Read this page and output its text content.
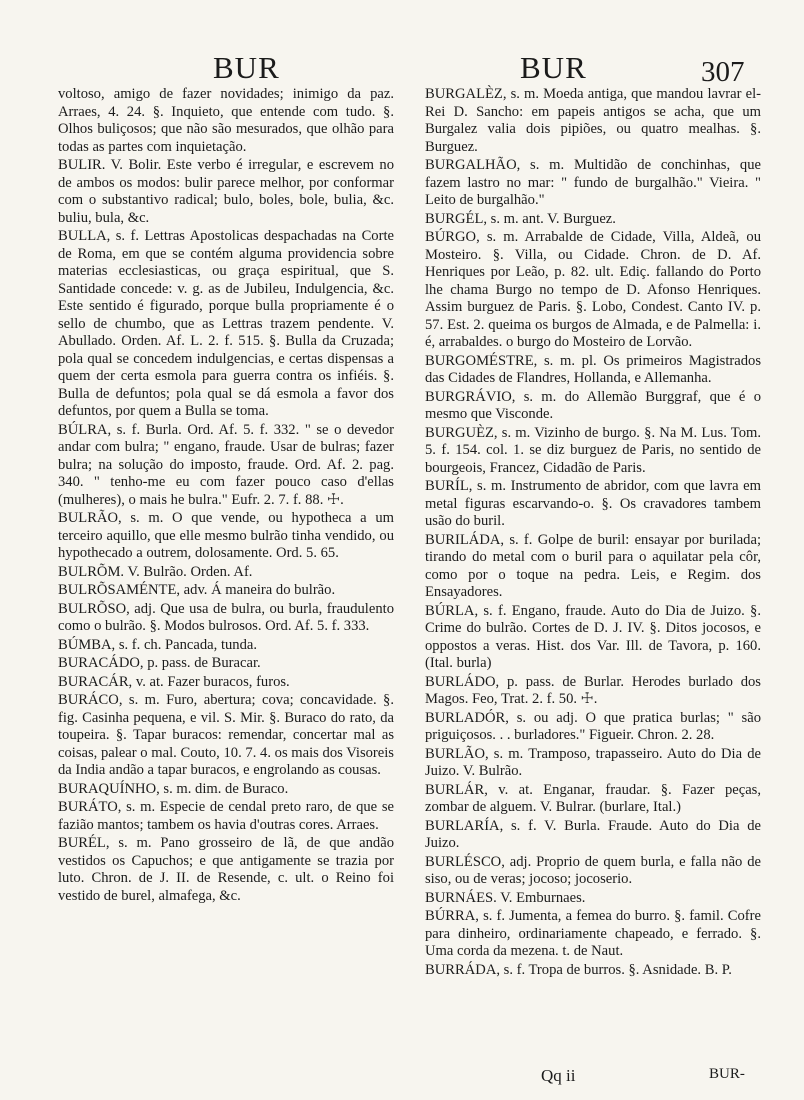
BUR	BUR	307

voltoso, amigo de fazer novidades; inimigo da paz. Arraes, 4. 24. §. Inquieto, que entende com tudo. §. Olhos buliçosos; que não são mesurados, que olhão para todas as partes com inquietação.

BULIR. V. Bolir. Este verbo é irregular, e escrevem no de ambos os modos: bulir parece melhor, por conformar com o substantivo radical; bulo, boles, bole, bulia, &c. buliu, bula, &c.

BULLA, s. f. Lettras Apostolicas despachadas na Corte de Roma, em que se contém alguma providencia sobre materias ecclesiasticas, ou graça espiritual, que S. Santidade concede: v. g. as de Jubileu, Indulgencia, &c. Este sentido é figurado, porque bulla propriamente é o sello de chumbo, que as Lettras trazem pendente. V. Abullado. Orden. Af. L. 2. f. 515. §. Bulla da Cruzada; pola qual se concedem indulgencias, e certas dispensas a quem der certa esmola para guerra contra os infiéis. §. Bulla de defuntos; pola qual se dá esmola a favor dos defuntos, por quem a Bulla se toma.

BÚLRA, s. f. Burla. Ord. Af. 5. f. 332. " se o devedor andar com bulra; " engano, fraude. Usar de bulras; fazer bulra; na solução do imposto, fraude. Ord. Af. 2. pag. 340. " tenho-me eu com fazer pouco caso d'ellas (mulheres), o mais he bulra." Eufr. 2. 7. f. 88. ☩.

BULRÃO, s. m. O que vende, ou hypotheca a um terceiro aquillo, que elle mesmo bulrão tinha vendido, ou hypothecado a outrem, dolosamente. Ord. 5. 65.

BULRÕM. V. Bulrão. Orden. Af.

BULRÕSAMÉNTE, adv. Á maneira do bulrão.

BULRÕSO, adj. Que usa de bulra, ou burla, fraudulento como o bulrão. §. Modos bulrosos. Ord. Af. 5. f. 333.

BÚMBA, s. f. ch. Pancada, tunda.

BURACÁDO, p. pass. de Buracar.

BURACÁR, v. at. Fazer buracos, furos.

BURÁCO, s. m. Furo, abertura; cova; concavidade. §. fig. Casinha pequena, e vil. S. Mir. §. Buraco do rato, da toupeira. §. Tapar buracos: remendar, concertar mal as coisas, palear o mal. Couto, 10. 7. 4. os mais dos Visoreis da India andão a tapar buracos, e engrolando as cousas.

BURAQUÍNHO, s. m. dim. de Buraco.

BURÁTO, s. m. Especie de cendal preto raro, de que se fazião mantos; tambem os havia d'outras cores. Arraes.

BURÉL, s. m. Pano grosseiro de lã, de que andão vestidos os Capuchos; e que antigamente se trazia por luto. Chron. de J. II. de Resende, c. ult. o Reino foi vestido de burel, almafega, &c.

BURGALÈZ, s. m. Moeda antiga, que mandou lavrar el-Rei D. Sancho: em papeis antigos se acha, que um Burgalez valia dois pipiões, ou quatro mealhas. §. Burguez.

BURGALHÃO, s. m. Multidão de conchinhas, que fazem lastro no mar: " fundo de burgalhão." Vieira. " Leito de burgalhão."

BURGÉL, s. m. ant. V. Burguez.

BÚRGO, s. m. Arrabalde de Cidade, Villa, Aldeã, ou Mosteiro. §. Villa, ou Cidade. Chron. de D. Af. Henriques por Leão, p. 82. ult. Ediç. fallando do Porto lhe chama Burgo no tempo de D. Afonso Henriques. Assim burguez de Paris. §. Lobo, Condest. Canto IV. p. 57. Est. 2. queima os burgos de Almada, e de Palmella: i. é, arrabaldes. o burgo do Mosteiro de Lorvão.

BURGOMÉSTRE, s. m. pl. Os primeiros Magistrados das Cidades de Flandres, Hollanda, e Allemanha.

BURGRÁVIO, s. m. do Allemão Burggraf, que é o mesmo que Visconde.

BURGUÈZ, s. m. Vizinho de burgo. §. Na M. Lus. Tom. 5. f. 154. col. 1. se diz burguez de Paris, no sentido de bourgeois, Francez, Cidadão de Paris.

BURÍL, s. m. Instrumento de abridor, com que lavra em metal figuras escarvando-o. §. Os cravadores tambem usão do buril.

BURILÁDA, s. f. Golpe de buril: ensayar por burilada; tirando do metal com o buril para o aquilatar pela côr, como por o toque na pedra. Leis, e Regim. dos Ensayadores.

BÚRLA, s. f. Engano, fraude. Auto do Dia de Juizo. §. Crime do bulrão. Cortes de D. J. IV. §. Ditos jocosos, e oppostos a veras. Hist. dos Var. Ill. de Tavora, p. 160. (Ital. burla)

BURLÁDO, p. pass. de Burlar. Herodes burlado dos Magos. Feo, Trat. 2. f. 50. ☩.

BURLADÓR, s. ou adj. O que pratica burlas; " são priguiçosos. . . burladores." Figueir. Chron. 2. 28.

BURLÃO, s. m. Tramposo, trapasseiro. Auto do Dia de Juizo. V. Bulrão.

BURLÁR, v. at. Enganar, fraudar. §. Fazer peças, zombar de alguem. V. Bulrar. (burlare, Ital.)

BURLARÍA, s. f. V. Burla. Fraude. Auto do Dia de Juizo.

BURLÉSCO, adj. Proprio de quem burla, e falla não de siso, ou de veras; jocoso; jocoserio.

BURNÁES. V. Emburnaes.

BÚRRA, s. f. Jumenta, a femea do burro. §. famil. Cofre para dinheiro, ordinariamente chapeado, e ferrado. §. Uma corda da mezena. t. de Naut.

BURRÁDA, s. f. Tropa de burros. §. Asnidade. B. P.

Qq ii	BUR-
